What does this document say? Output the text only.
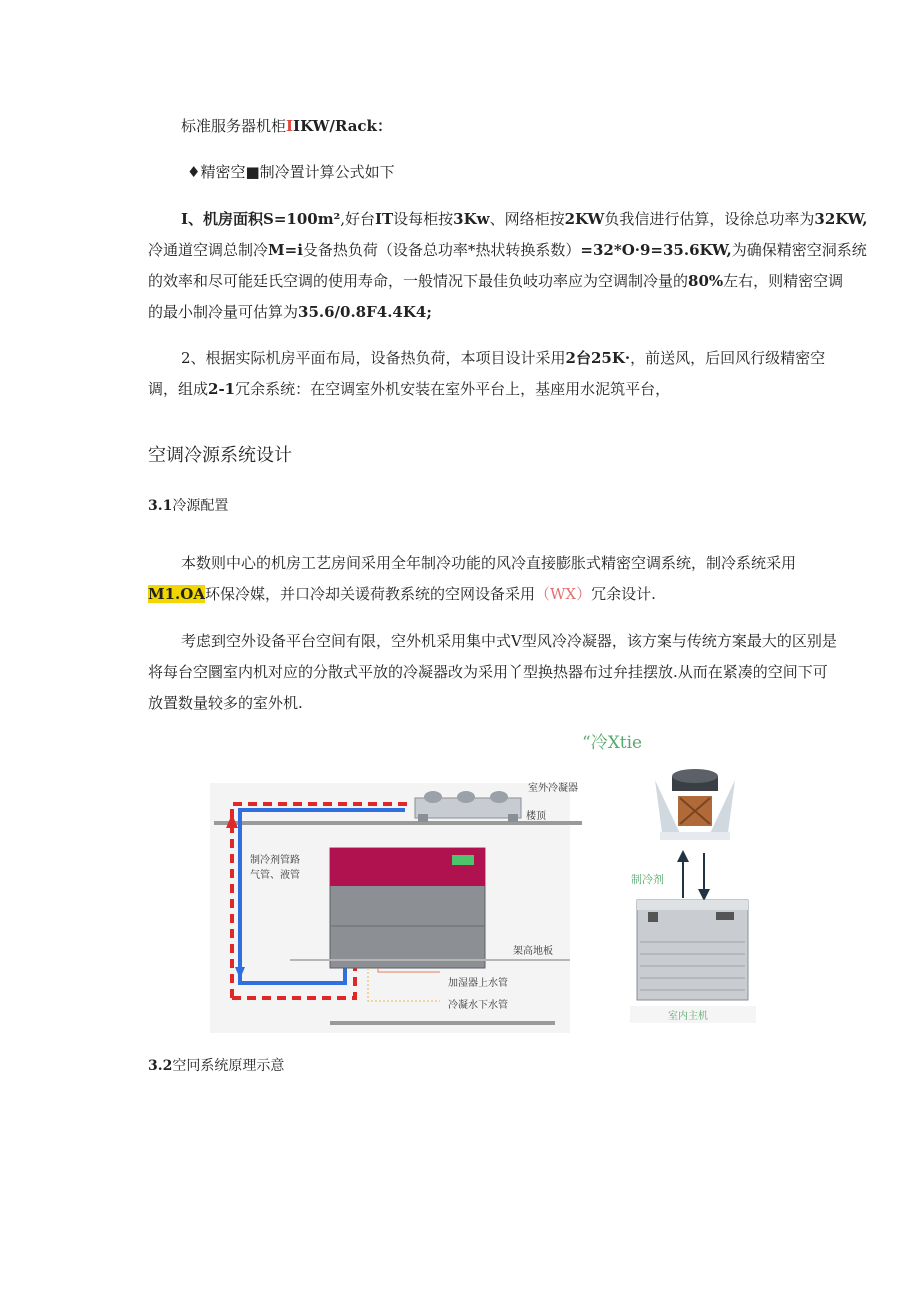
标准服务器机柜IIKW/Rack：
♦精密空■制冷置计算公式如下
I、机房面积S=100m²,好台IT设每柜按3Kw、网络柜按2KW负我信进行估算，设徐总功率为32KW,
冷通道空调总制冷M=i殳备热负荷（设备总功率*热状转换系数）=32*O·9=35.6KW,为确保精密空洞系统
的效率和尽可能廷氏空调的使用寿命，一般情况下最佳负岐功率应为空调制冷量的80%左右，则精密空调
的最小制冷量可估算为35.6/0.8F4.4K4;
2、根据实际机房平面布局，设备热负荷，本项目设计采用2台25K·，前送风，后回风行级精密空
调，组成2-1冗余系统：在空调室外机安装在室外平台上，基座用水泥筑平台，
空调冷源系统设计
3.1冷源配置
本数则中心的机房工艺房间采用全年制冷功能的风冷直接膨胀式精密空调系统，制冷系统采用
M1.OA环保冷媒，并口冷却关谖荷教系统的空网设备采用（WX）冗余设计.
考虑到空外设备平台空间有限，空外机采用集中式V型风冷冷凝器，该方案与传统方案最大的区别是
将每台空圜室内机对应的分散式平放的冷凝器改为采用丫型换热器布过弁挂摆放.从而在紧凑的空间下可
放置数量较多的室外机.
室外冷凝器
楼顶
制冷剂管路
气管、液管
架高地板
加湿器上水管
冷凝水下水管
“冷Xtie
制冷剂
室内主机
3.2空冋系统原理示意
